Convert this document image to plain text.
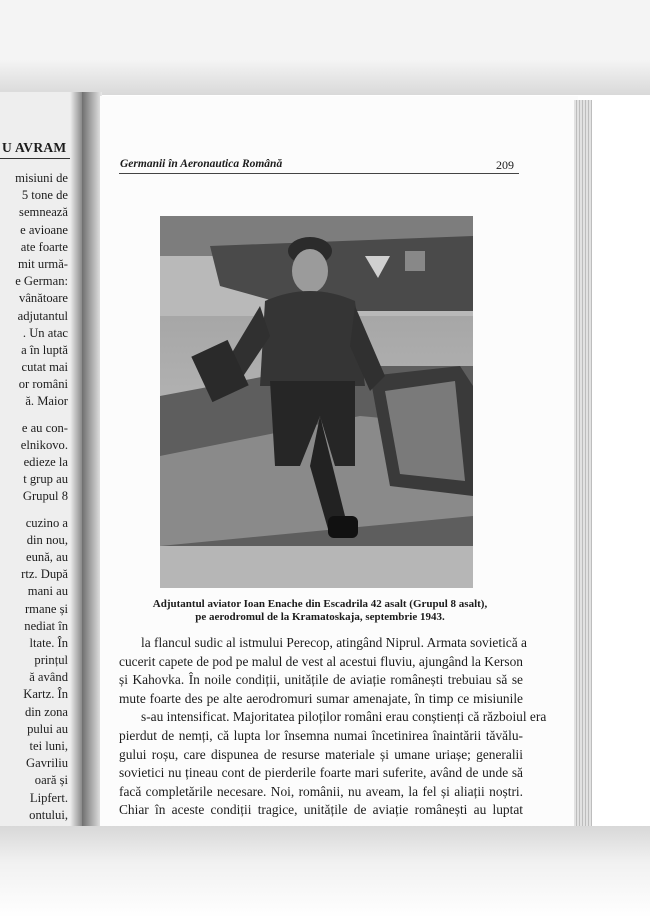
U AVRAM
misiuni de
5 tone de
semnează
e avioane
ate foarte
mit urmă-
e German:
vânătoare
adjutantul
. Un atac
a în luptă
cutat mai
or români
ă. Maior
e au con-
elnikovo.
edieze la
t grup au
Grupul 8
cuzino a
din nou,
eună, au
rtz. După
mani au
rmane și
nediat în
ltate. În
prințul
ă având
Kartz. În
din zona
pului au
tei luni,
Gavriliu
oară și
Lipfert.
ontului,
Germanii în Aeronautica Română	209
Adjutantul aviator Ioan Enache din Escadrila 42 asalt (Grupul 8 asalt),
pe aerodromul de la Kramatoskaja, septembrie 1943.
la flancul sudic al istmului Perecop, atingând Niprul. Armata sovietică a
cucerit capete de pod pe malul de vest al acestui fluviu, ajungând la Kerson
și Kahovka. În noile condiții, unitățile de aviație românești trebuiau să se
mute foarte des pe alte aerodromuri sumar amenajate, în timp ce misiunile
s-au intensificat. Majoritatea piloților români erau conștienți că războiul era
pierdut de nemți, că lupta lor însemna numai încetinirea înaintării tăvălu-
gului roșu, care dispunea de resurse materiale și umane uriașe; generalii
sovietici nu țineau cont de pierderile foarte mari suferite, având de unde să
facă completările necesare. Noi, românii, nu aveam, la fel și aliații noștri.
Chiar în aceste condiții tragice, unitățile de aviație românești au luptat
